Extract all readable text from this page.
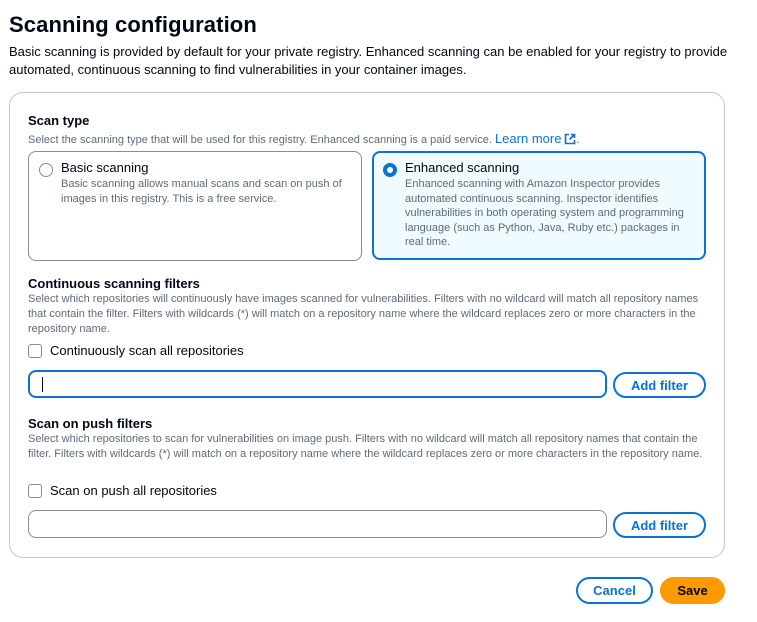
Scanning configuration
Basic scanning is provided by default for your private registry. Enhanced scanning can be enabled for your registry to provide automated, continuous scanning to find vulnerabilities in your container images.
Scan type
Select the scanning type that will be used for this registry. Enhanced scanning is a paid service. Learn more .
Basic scanning
Basic scanning allows manual scans and scan on push of images in this registry. This is a free service.
Enhanced scanning
Enhanced scanning with Amazon Inspector provides automated continuous scanning. Inspector identifies vulnerabilities in both operating system and programming language (such as Python, Java, Ruby etc.) packages in real time.
Continuous scanning filters
Select which repositories will continuously have images scanned for vulnerabilities. Filters with no wildcard will match all repository names that contain the filter. Filters with wildcards (*) will match on a repository name where the wildcard replaces zero or more characters in the repository name.
Continuously scan all repositories
Add filter
Scan on push filters
Select which repositories to scan for vulnerabilities on image push. Filters with no wildcard will match all repository names that contain the filter. Filters with wildcards (*) will match on a repository name where the wildcard replaces zero or more characters in the repository name.
Scan on push all repositories
Add filter
Cancel	Save
